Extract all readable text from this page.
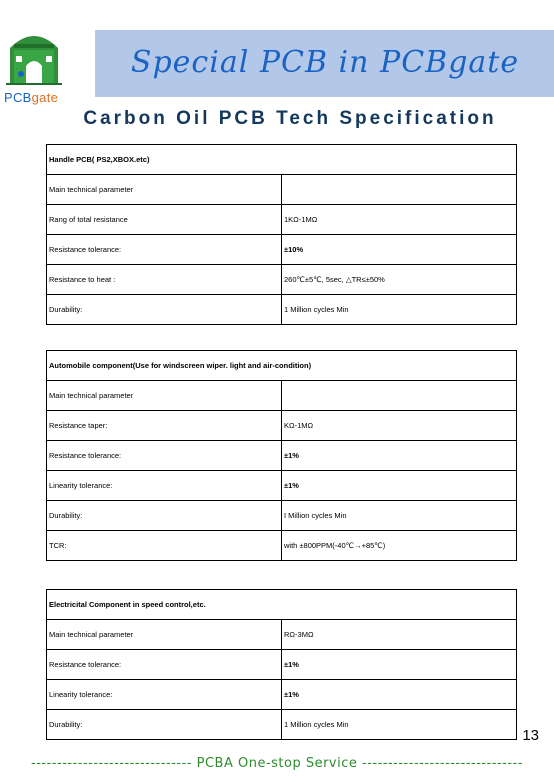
Special PCB in PCBgate
PCBgate
Carbon Oil PCB Tech Specification
Handle PCB( PS2,XBOX.etc)	
Main technical parameter	
Rang of total resistance	1KΩ-1MΩ
Resistance tolerance:	±10%
Resistance to heat :	260℃±5℃, 5sec, △TR≤±50%
Durability:	1 Million cycles Min
Automobile component(Use for windscreen wiper. light and air-condition)	
Main technical parameter	
Resistance taper:	KΩ-1MΩ
Resistance tolerance:	±1%
Linearity tolerance:	±1%
Durability:	I Million cycles Min
TCR:	with ±800PPM(-40℃→+85℃)
Electricital Component in speed control,etc.	
Main technical parameter	RΩ-3MΩ
Resistance tolerance:	±1%
Linearity tolerance:	±1%
Durability:	1 Million cycles Min
13
------------------------------- PCBA One-stop Service -------------------------------
